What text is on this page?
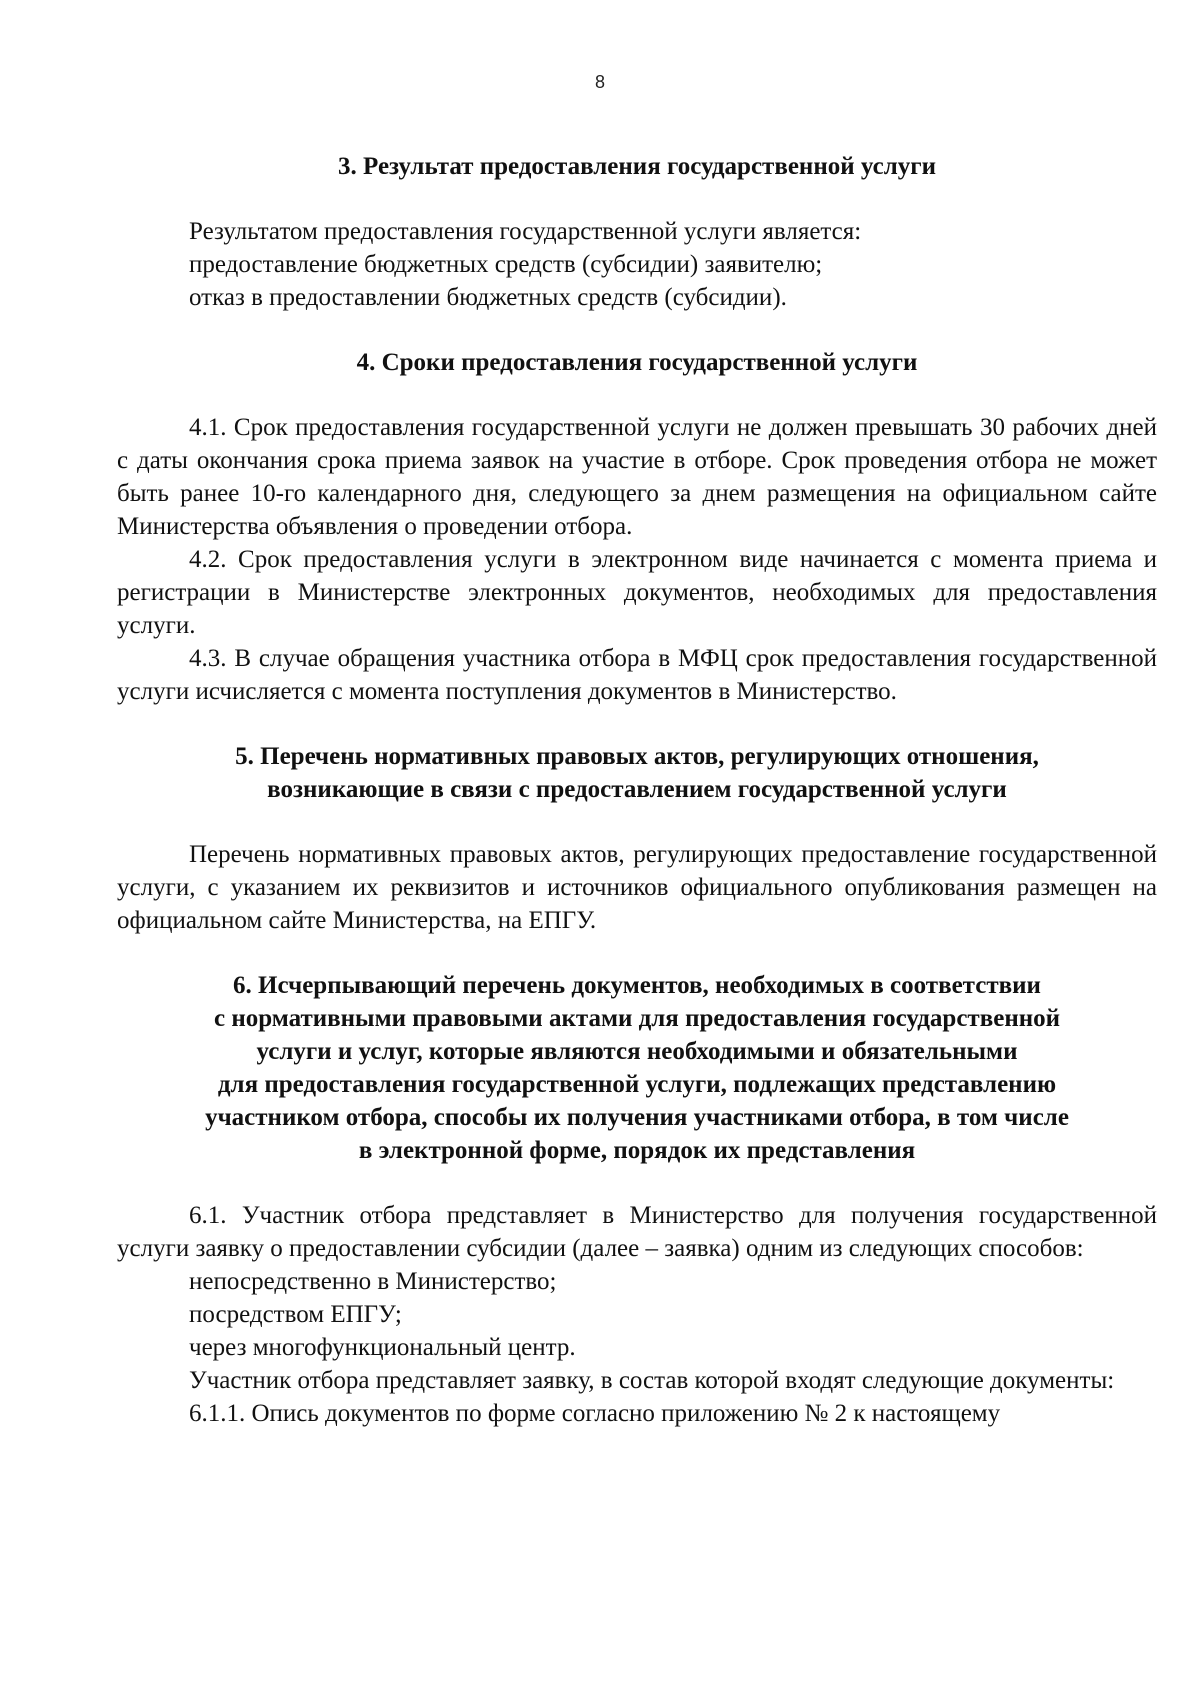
8

3. Результат предоставления государственной услуги

Результатом предоставления государственной услуги является:

предоставление бюджетных средств (субсидии) заявителю;

отказ в предоставлении бюджетных средств (субсидии).

4. Сроки предоставления государственной услуги

4.1. Срок предоставления государственной услуги не должен превышать 30 рабочих дней с даты окончания срока приема заявок на участие в отборе. Срок проведения отбора не может быть ранее 10-го календарного дня, следующего за днем размещения на официальном сайте Министерства объявления о проведении отбора.

4.2. Срок предоставления услуги в электронном виде начинается с момента приема и регистрации в Министерстве электронных документов, необходимых для предоставления услуги.

4.3. В случае обращения участника отбора в МФЦ срок предоставления государственной услуги исчисляется с момента поступления документов в Министерство.

5. Перечень нормативных правовых актов, регулирующих отношения,
возникающие в связи с предоставлением государственной услуги

Перечень нормативных правовых актов, регулирующих предоставление государственной услуги, с указанием их реквизитов и источников официального опубликования размещен на официальном сайте Министерства, на ЕПГУ.

6. Исчерпывающий перечень документов, необходимых в соответствии
с нормативными правовыми актами для предоставления государственной
услуги и услуг, которые являются необходимыми и обязательными
для предоставления государственной услуги, подлежащих представлению
участником отбора, способы их получения участниками отбора, в том числе
в электронной форме, порядок их представления

6.1. Участник отбора представляет в Министерство для получения государственной услуги заявку о предоставлении субсидии (далее – заявка) одним из следующих способов:

непосредственно в Министерство;

посредством ЕПГУ;

через многофункциональный центр.

Участник отбора представляет заявку, в состав которой входят следующие документы:

6.1.1. Опись документов по форме согласно приложению № 2 к настоящему
